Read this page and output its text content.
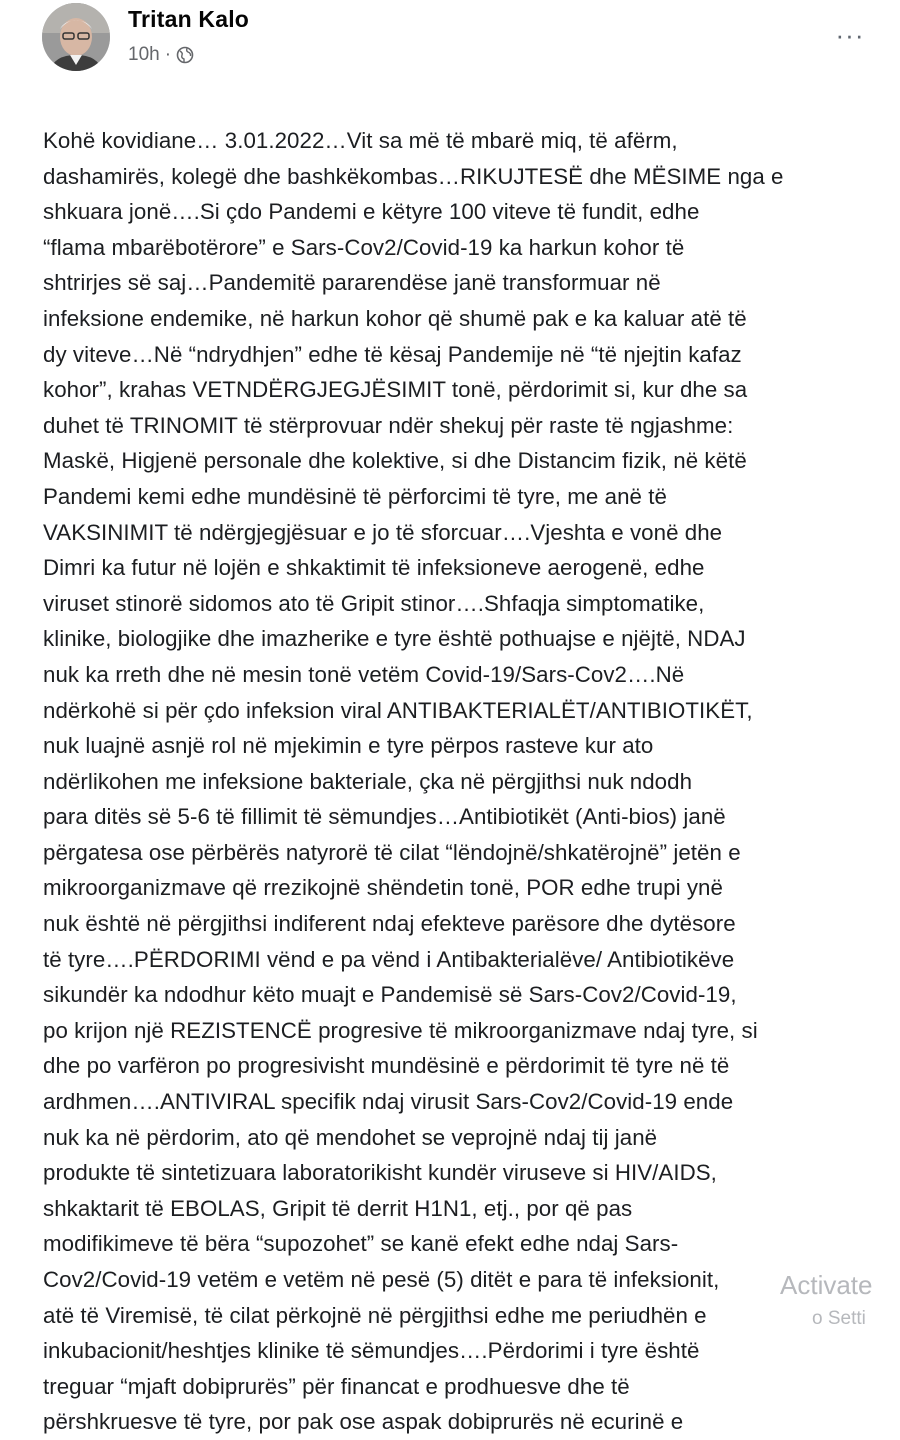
Tritan Kalo
10h ·
···
Kohë kovidiane… 3.01.2022…Vit sa më të mbarë miq, të afërm,
dashamirës, kolegë dhe bashkëkombas…RIKUJTESË dhe MËSIME nga e
shkuara jonë….Si çdo Pandemi e këtyre 100 viteve të fundit, edhe
“flama mbarëbotërore” e Sars-Cov2/Covid-19 ka harkun kohor të
shtrirjes së saj…Pandemitë pararendëse janë transformuar në
infeksione endemike, në harkun kohor që shumë pak e ka kaluar atë të
dy viteve…Në “ndrydhjen” edhe të kësaj Pandemije në “të njejtin kafaz
kohor”, krahas VETNDËRGJEGJËSIMIT tonë, përdorimit si, kur dhe sa
duhet të TRINOMIT të stërprovuar ndër shekuj për raste të ngjashme:
Maskë, Higjenë personale dhe kolektive, si dhe Distancim fizik, në këtë
Pandemi kemi edhe mundësinë të përforcimi të tyre, me anë të
VAKSINIMIT të ndërgjegjësuar e jo të sforcuar….Vjeshta e vonë dhe
Dimri ka futur në lojën e shkaktimit të infeksioneve aerogenë, edhe
viruset stinorë sidomos ato të Gripit stinor….Shfaqja simptomatike,
klinike, biologjike dhe imazherike e tyre është pothuajse e njëjtë, NDAJ
nuk ka rreth dhe në mesin tonë vetëm Covid-19/Sars-Cov2….Në
ndërkohë si për çdo infeksion viral ANTIBAKTERIALËT/ANTIBIOTIKËT,
nuk luajnë asnjë rol në mjekimin e tyre përpos rasteve kur ato
ndërlikohen me infeksione bakteriale, çka në përgjithsi nuk ndodh
para ditës së 5-6 të fillimit të sëmundjes…Antibiotikët (Anti-bios) janë
përgatesa ose përbërës natyrorë të cilat “lëndojnë/shkatërojnë” jetën e
mikroorganizmave që rrezikojnë shëndetin tonë, POR edhe trupi ynë
nuk është në përgjithsi indiferent ndaj efekteve parësore dhe dytësore
të tyre….PËRDORIMI vënd e pa vënd i Antibakterialëve/ Antibiotikëve
sikundër ka ndodhur këto muajt e Pandemisë së Sars-Cov2/Covid-19,
po krijon një REZISTENCË progresive të mikroorganizmave ndaj tyre, si
dhe po varfëron po progresivisht mundësinë e përdorimit të tyre në të
ardhmen….ANTIVIRAL specifik ndaj virusit Sars-Cov2/Covid-19 ende
nuk ka në përdorim, ato që mendohet se veprojnë ndaj tij janë
produkte të sintetizuara laboratorikisht kundër viruseve si HIV/AIDS,
shkaktarit të EBOLAS, Gripit të derrit H1N1, etj., por që pas
modifikimeve të bëra “supozohet” se kanë efekt edhe ndaj Sars-
Cov2/Covid-19 vetëm e vetëm në pesë (5) ditët e para të infeksionit,
atë të Viremisë, të cilat përkojnë në përgjithsi edhe me periudhën e
inkubacionit/heshtjes klinike të sëmundjes….Përdorimi i tyre është
treguar “mjaft dobiprurës” për financat e prodhuesve dhe të
përshkruesve të tyre, por pak ose aspak dobiprurës në ecurinë e
Activate
o Setti
